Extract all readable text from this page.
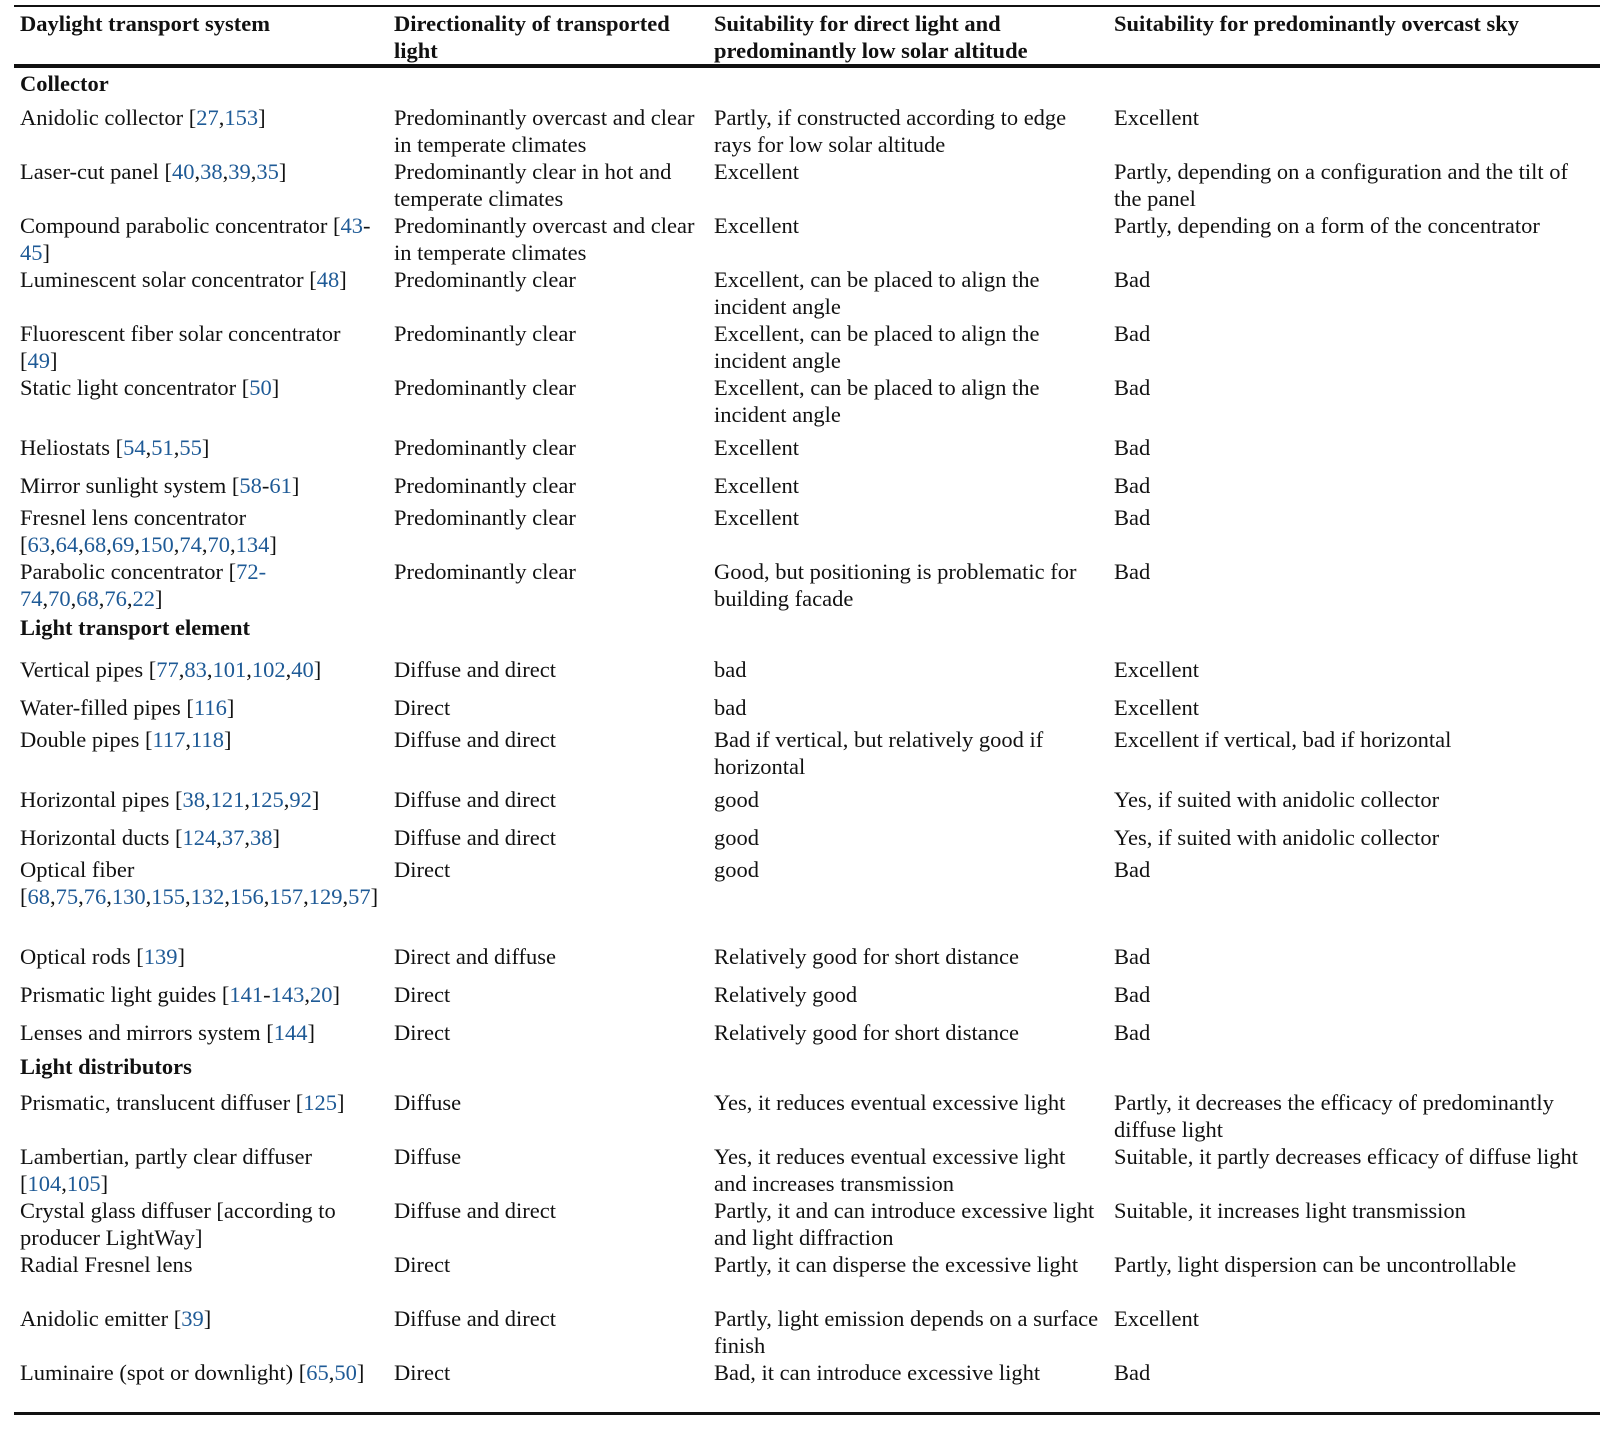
Daylight transport system	Directionality of transported light	Suitability for direct light and predominantly low solar altitude	Suitability for predominantly overcast sky
Collector			
Anidolic collector [27,153]	Predominantly overcast and clear in temperate climates	Partly, if constructed according to edge rays for low solar altitude	Excellent
Laser-cut panel [40,38,39,35]	Predominantly clear in hot and temperate climates	Excellent	Partly, depending on a configuration and the tilt of the panel
Compound parabolic concentrator [43-45]	Predominantly overcast and clear in temperate climates	Excellent	Partly, depending on a form of the concentrator
Luminescent solar concentrator [48]	Predominantly clear	Excellent, can be placed to align the incident angle	Bad
Fluorescent fiber solar concentrator [49]	Predominantly clear	Excellent, can be placed to align the incident angle	Bad
Static light concentrator [50]	Predominantly clear	Excellent, can be placed to align the incident angle	Bad
Heliostats [54,51,55]	Predominantly clear	Excellent	Bad
Mirror sunlight system [58-61]	Predominantly clear	Excellent	Bad
Fresnel lens concentrator [63,64,68,69,150,74,70,134]	Predominantly clear	Excellent	Bad
Parabolic concentrator [72-74,70,68,76,22]	Predominantly clear	Good, but positioning is problematic for building facade	Bad
Light transport element			
Vertical pipes [77,83,101,102,40]	Diffuse and direct	bad	Excellent
Water-filled pipes [116]	Direct	bad	Excellent
Double pipes [117,118]	Diffuse and direct	Bad if vertical, but relatively good if horizontal	Excellent if vertical, bad if horizontal
Horizontal pipes [38,121,125,92]	Diffuse and direct	good	Yes, if suited with anidolic collector
Horizontal ducts [124,37,38]	Diffuse and direct	good	Yes, if suited with anidolic collector
Optical fiber [68,75,76,130,155,132,156,157,129,57]	Direct	good	Bad
Optical rods [139]	Direct and diffuse	Relatively good for short distance	Bad
Prismatic light guides [141-143,20]	Direct	Relatively good	Bad
Lenses and mirrors system [144]	Direct	Relatively good for short distance	Bad
Light distributors			
Prismatic, translucent diffuser [125]	Diffuse	Yes, it reduces eventual excessive light	Partly, it decreases the efficacy of predominantly diffuse light
Lambertian, partly clear diffuser [104,105]	Diffuse	Yes, it reduces eventual excessive light and increases transmission	Suitable, it partly decreases efficacy of diffuse light
Crystal glass diffuser [according to producer LightWay]	Diffuse and direct	Partly, it and can introduce excessive light and light diffraction	Suitable, it increases light transmission
Radial Fresnel lens	Direct	Partly, it can disperse the excessive light	Partly, light dispersion can be uncontrollable
Anidolic emitter [39]	Diffuse and direct	Partly, light emission depends on a surface finish	Excellent
Luminaire (spot or downlight) [65,50]	Direct	Bad, it can introduce excessive light	Bad
